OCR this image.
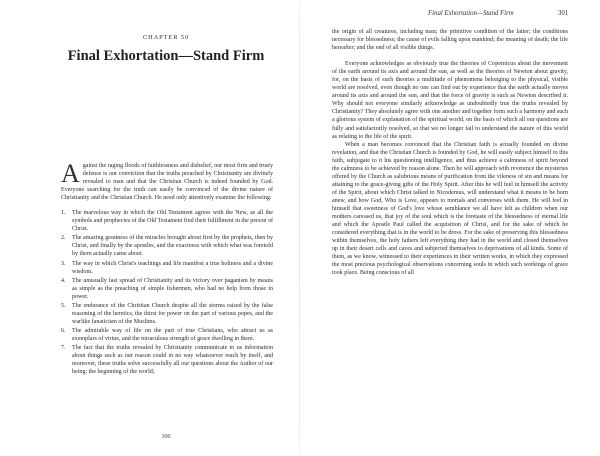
CHAPTER 50
Final Exhortation—Stand Firm

Against the raging floods of faithlessness and disbelief, our most firm and trusty defense is our conviction that the truths preached by Christianity are divinely revealed to man and that the Christian Church is indeed founded by God. Everyone searching for the truth can easily be convinced of the divine nature of Christianity and the Christian Church. He need only attentively examine the following:

1. The marvelous way in which the Old Testament agrees with the New, as all the symbols and prophecies of the Old Testament find their fulfillment in the person of Christ.
2. The amazing greatness of the miracles brought about first by the prophets, then by Christ, and finally by the apostles, and the exactness with which what was foretold by them actually came about.
3. The way in which Christ's teachings and life manifest a true holiness and a divine wisdom.
4. The unusually fast spread of Christianity and its victory over paganism by means as simple as the preaching of simple fishermen, who had no help from those in power.
5. The endurance of the Christian Church despite all the storms raised by the false reasoning of the heretics, the thirst for power on the part of various popes, and the warlike fanaticism of the Muslims.
6. The admirable way of life on the part of true Christians, who attract us as exemplars of virtue, and the miraculous strength of grace dwelling in them.
7. The fact that the truths revealed by Christianity communicate to us information about things such as our reason could in no way whatsoever reach by itself, and moreover, these truths solve successfully all our questions about the Author of our being; the beginning of the world;
300
Final Exhortation—Stand Firm	301

the origin of all creatures, including man; the primitive condition of the latter; the conditions necessary for blessedness; the cause of evils falling upon mankind; the meaning of death; the life hereafter; and the end of all visible things.

Everyone acknowledges as obviously true the theories of Copernicus about the movement of the earth around its axis and around the sun, as well as the theories of Newton about gravity, for, on the basis of such theories a multitude of phenomena belonging to the physical, visible world are resolved, even though no one can find out by experience that the earth actually moves around its axis and around the sun, and that the force of gravity is such as Newton described it. Why should not everyone similarly acknowledge as undoubtedly true the truths revealed by Christianity? They absolutely agree with one another and together form such a harmony and such a glorious system of explanation of the spiritual world, on the basis of which all our questions are fully and satisfactorily resolved, so that we no longer fail to understand the nature of this world as relating to the life of the spirit.

When a man becomes convinced that the Christian faith is actually founded on divine revelation, and that the Christian Church is founded by God, he will easily subject himself to this faith, subjugate to it his questioning intelligence, and thus achieve a calmness of spirit beyond the calmness to be achieved by reason alone. Then he will approach with reverence the mysteries offered by the Church as salubrious means of purification from the vileness of sin and means for attaining to the grace-giving gifts of the Holy Spirit. After this he will feel in himself the activity of the Spirit, about which Christ talked to Nicodemus, will understand what it means to be born anew, and how God, Who is Love, appears to mortals and converses with them. He will feel in himself that sweetness of God's love whose semblance we all have felt as children when our mothers caressed us, that joy of the soul which is the foretaste of the blessedness of eternal life and which the Apostle Paul called the acquisition of Christ, and for the sake of which he considered everything that is in the world to be dross. For the sake of preserving this blessedness within themselves, the holy fathers left everything they had in the world and closed themselves up in their desert cells and caves and subjected themselves to deprivations of all kinds. Some of them, as we know, witnessed to their experiences in their written works, in which they expressed the most precious psychological observations concerning souls in which such workings of grace took place. Being conscious of all
